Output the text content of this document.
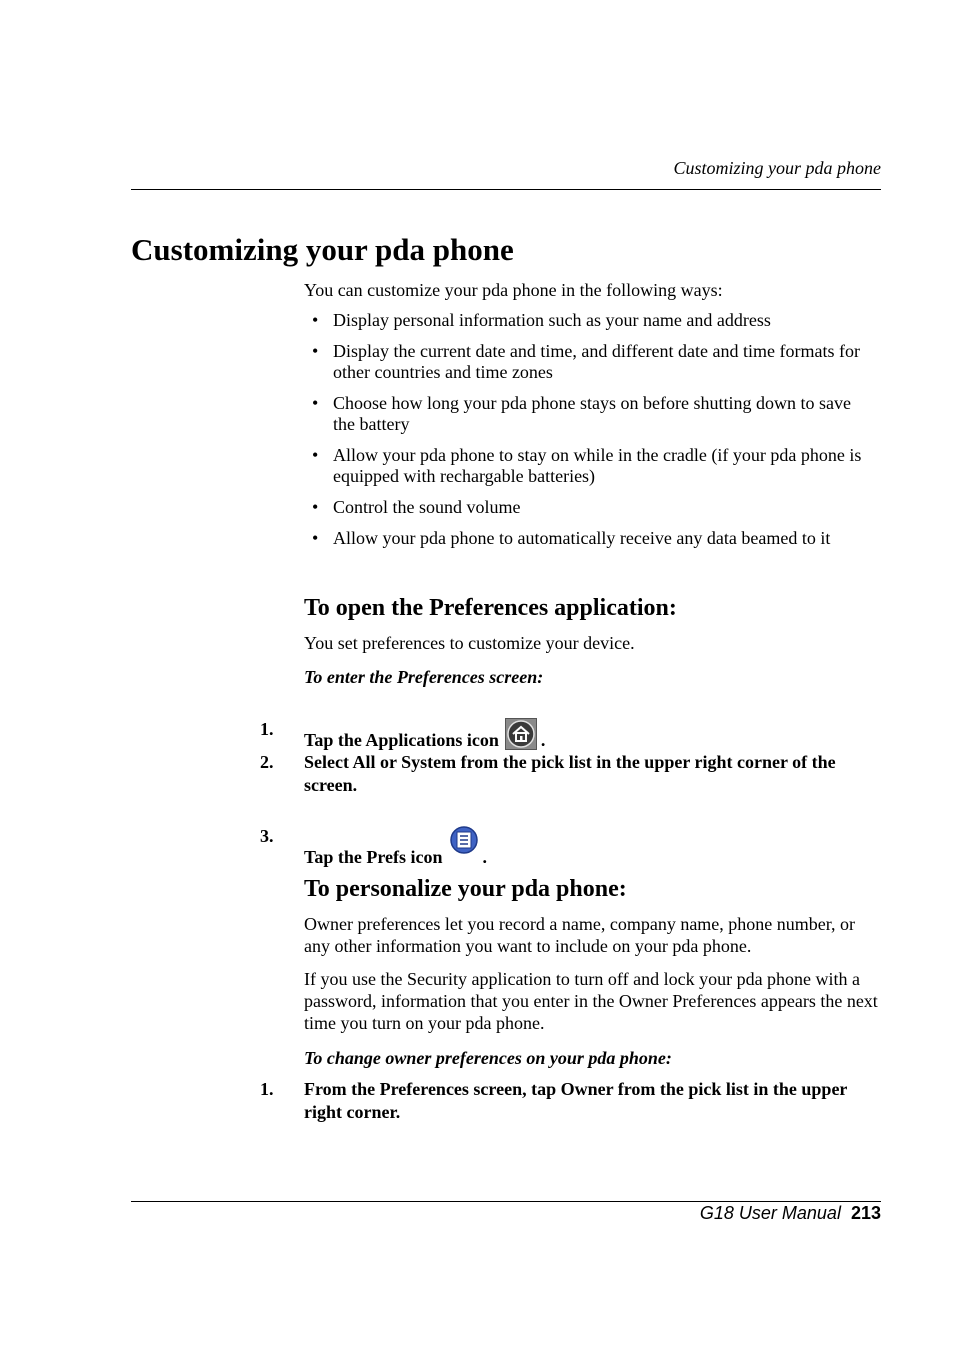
Customizing your pda phone
Customizing your pda phone

You can customize your pda phone in the following ways:

• Display personal information such as your name and address
• Display the current date and time, and different date and time formats for other countries and time zones
• Choose how long your pda phone stays on before shutting down to save the battery
• Allow your pda phone to stay on while in the cradle (if your pda phone is equipped with rechargable batteries)
• Control the sound volume
• Allow your pda phone to automatically receive any data beamed to it
To open the Preferences application:

You set preferences to customize your device.

To enter the Preferences screen:
1.
Tap the Applications icon .
2. Select All or System from the pick list in the upper right corner of the screen.
3.
Tap the Prefs icon .
To personalize your pda phone:

Owner preferences let you record a name, company name, phone number, or any other information you want to include on your pda phone.

If you use the Security application to turn off and lock your pda phone with a password, information that you enter in the Owner Preferences appears the next time you turn on your pda phone.

To change owner preferences on your pda phone:
1. From the Preferences screen, tap Owner from the pick list in the upper right corner.
G18 User Manual 213
